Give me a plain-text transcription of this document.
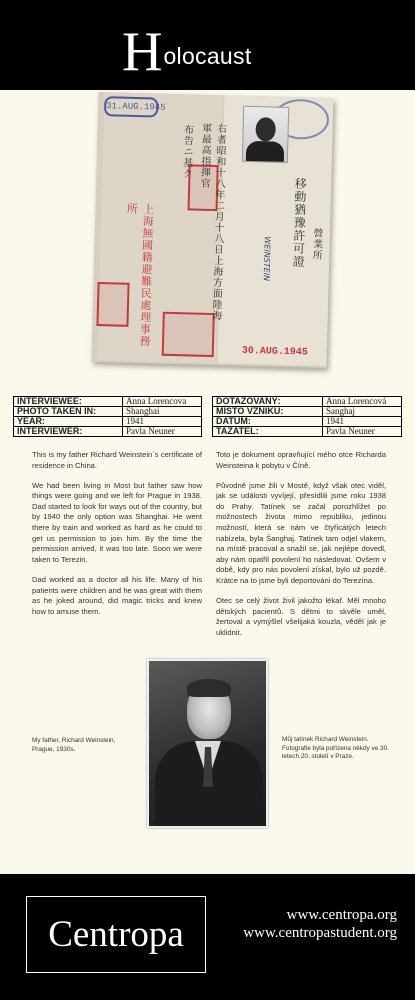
Holocaust
31.AUG.1945
右者昭和十八年二月十八日上海方面陸海軍最高指揮官
布告ニ基ク
上海無國籍避難民處理事務所	移動猶豫許可證 營業所
WEINSTEIN
30.AUG.1945
INTERVIEWEE:	Anna Lorencova
PHOTO TAKEN IN:	Shanghai
YEAR:	1941
INTERVIEWER:	Pavla Neuner
DOTAZOVANÝ:	Anna Lorencová
MÍSTO VZNIKU:	Šanghaj
DATUM:	1941
TAZATEL:	Pavla Neuner

This is my father Richard Weinstein`s certificate of residence in China.

We had been living in Most but father saw how things were going and we left for Prague in 1938. Dad started to look for ways out of the country, but by 1940 the only option was Shanghai. He went there by train and worked as hard as he could to get us permission to join him. By the time the permission arrived, it was too late. Soon we were taken to Terezin.

Dad worked as a doctor all his life. Many of his patients were children and he was great with them as he joked around, did magic tricks and knew how to amuse them.

Toto je dokument opravňující mého otce Richarda Weinsteina k pobytu v Číně.

Původně jsme žili v Mostě, když však otec viděl, jak se události vyvíjejí, přesídlili jsme roku 1938 do Prahy. Tatínek se začal porozhlížet po možnostech života mimo republiku, jedinou možností, která se nám ve čtyřicátých letech nabízela, byla Šanghaj. Tatínek tam odjel vlakem, na místě pracoval a snažil se, jak nejlépe dovedl, aby nám opatřil povolení ho následovat. Ovšem v době, kdy pro nás povolení získal, bylo už pozdě. Krátce na to jsme byli deportováni do Terezína.

Otec se celý život živil jakožto lékař. Měl mnoho dětských pacientů. S dětmi to skvěle uměl, žertoval a vymýšlel všelijaká kouzla, věděl jak je uklidnit.

My father, Richard Weinstein, Prague, 1930s.
Můj tatínek Richard Weinstein. Fotografie byla pořízena někdy ve 30. letech 20. století v Praze.
Centropa	www.centropa.org
www.centropastudent.org
